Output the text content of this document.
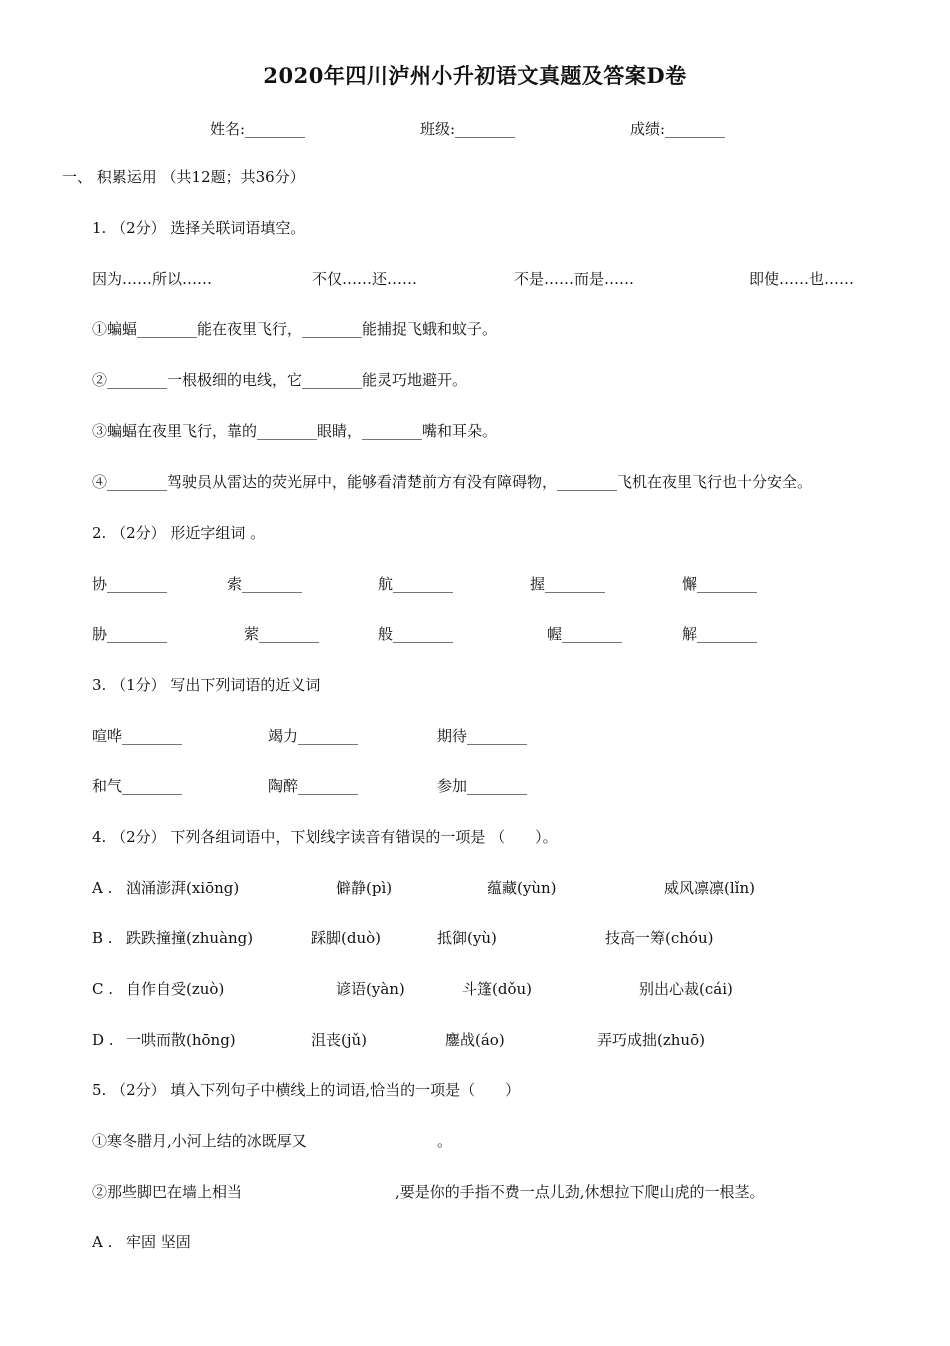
2020年四川泸州小升初语文真题及答案D卷
姓名:________	班级:________	成绩:________
一、 积累运用 （共12题；共36分）
1. （2分） 选择关联词语填空。
因为……所以……	不仅……还……	不是……而是……	即使……也……
①蝙蝠________能在夜里飞行，________能捕捉飞蛾和蚊子。
②________一根极细的电线，它________能灵巧地避开。
③蝙蝠在夜里飞行，靠的________眼睛，________嘴和耳朵。
④________驾驶员从雷达的荧光屏中，能够看清楚前方有没有障碍物，________飞机在夜里飞行也十分安全。
2. （2分） 形近字组词 。
协________	索________	航________	握________	懈________
胁________	萦________	般________	幄________	解________
3. （1分） 写出下列词语的近义词
喧哗________	竭力________	期待________
和气________	陶醉________	参加________
4. （2分） 下列各组词语中，下划线字读音有错误的一项是 （　　）。
A . 汹涌澎湃(xiōng)	僻静(pì)	蕴藏(yùn)	威风凛凛(lǐn)
B . 跌跌撞撞(zhuàng)	踩脚(duò)	抵御(yù)	技高一筹(chóu)
C . 自作自受(zuò)	谚语(yàn)	斗篷(dǒu)	别出心裁(cái)
D . 一哄而散(hōng)	沮丧(jǔ)	鏖战(áo)	弄巧成拙(zhuō)
5. （2分） 填入下列句子中横线上的词语,恰当的一项是（　　）
①寒冬腊月,小河上结的冰既厚又	。
②那些脚巴在墙上相当	,要是你的手指不费一点儿劲,休想拉下爬山虎的一根茎。
A . 牢固 坚固
